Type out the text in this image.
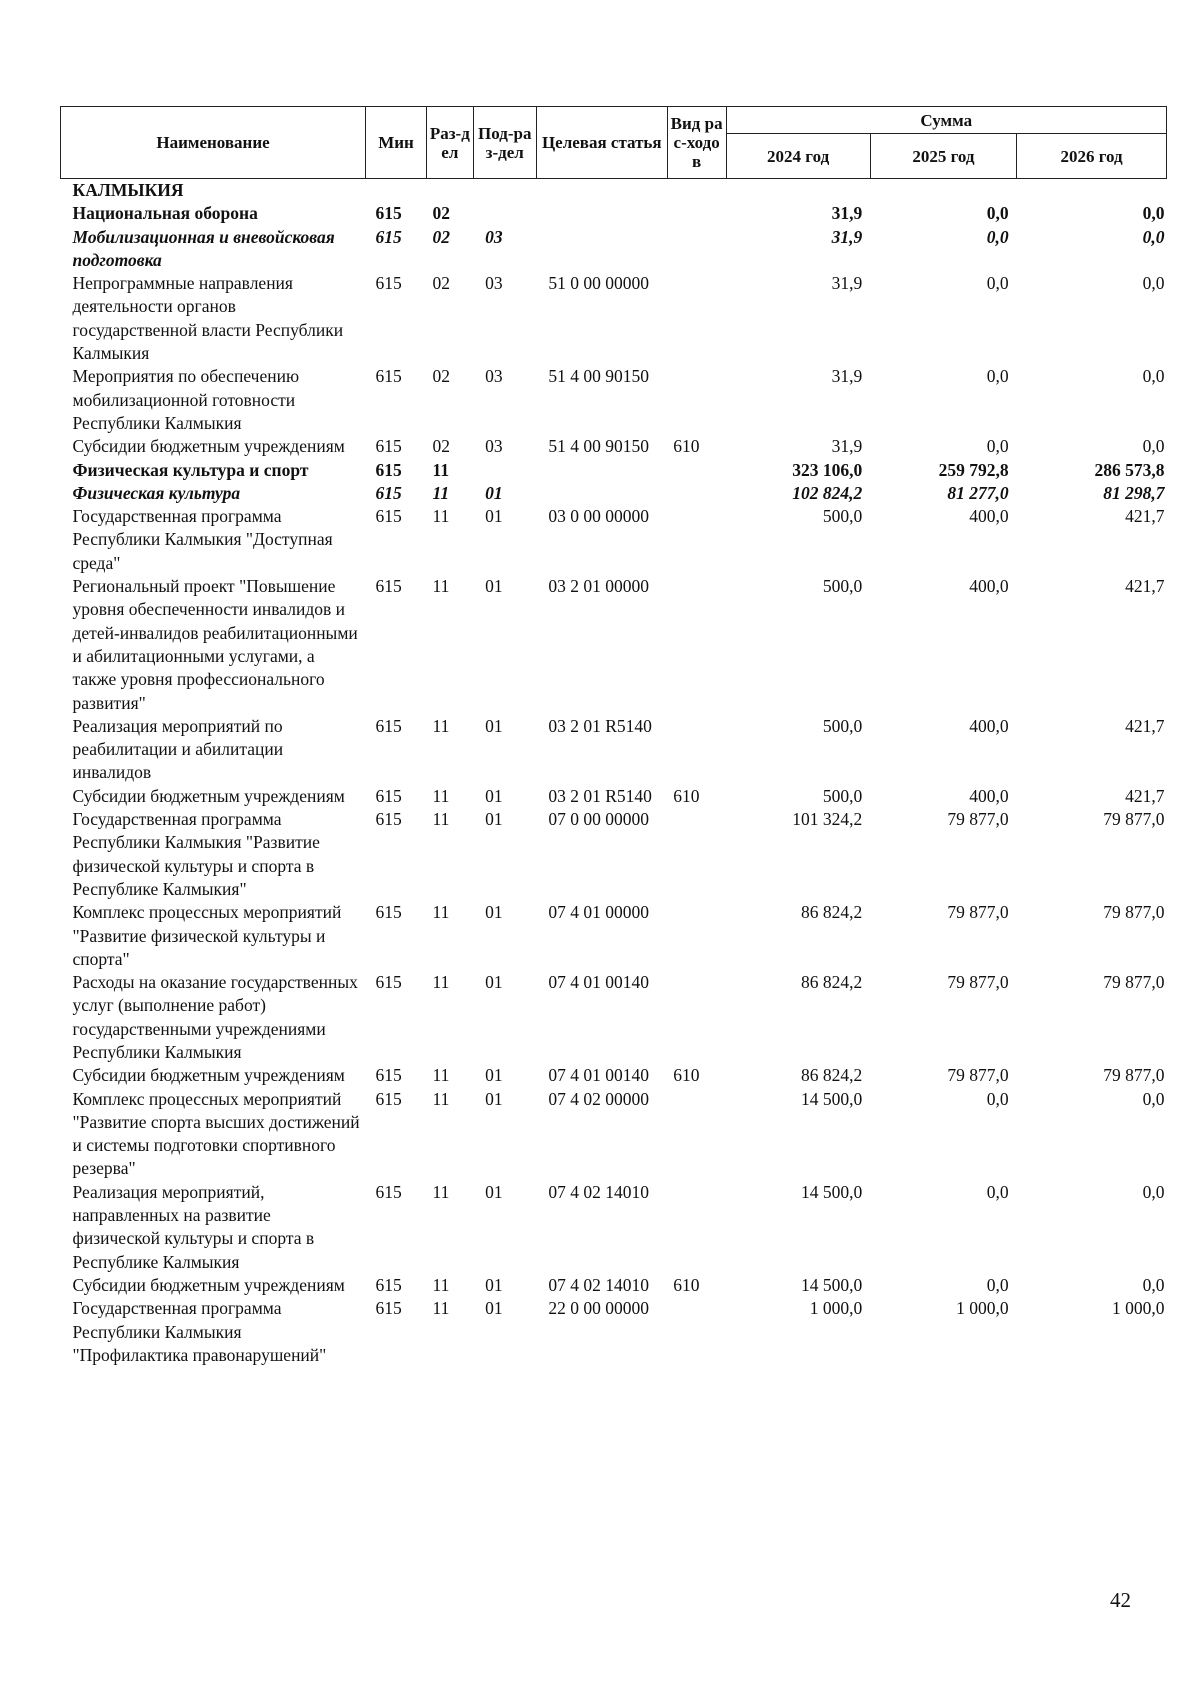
Наименование	Мин	Раз-дел	Под-раз-дел	Целевая статья	Вид рас-ходов	Сумма		
						2024 год	2025 год	2026 год
КАЛМЫКИЯ								
Национальная оборона	615	02				31,9	0,0	0,0
Мобилизационная и вневойсковая подготовка	615	02	03			31,9	0,0	0,0
Непрограммные направления деятельности органов государственной власти Республики Калмыкия	615	02	03	51 0 00 00000		31,9	0,0	0,0
Мероприятия по обеспечению мобилизационной готовности Республики Калмыкия	615	02	03	51 4 00 90150		31,9	0,0	0,0
Субсидии бюджетным учреждениям	615	02	03	51 4 00 90150	610	31,9	0,0	0,0
Физическая культура и спорт	615	11				323 106,0	259 792,8	286 573,8
Физическая культура	615	11	01			102 824,2	81 277,0	81 298,7
Государственная программа Республики Калмыкия "Доступная среда"	615	11	01	03 0 00 00000		500,0	400,0	421,7
Региональный проект "Повышение уровня обеспеченности инвалидов и детей-инвалидов реабилитационными и абилитационными услугами, а также уровня профессионального развития"	615	11	01	03 2 01 00000		500,0	400,0	421,7
Реализация мероприятий по реабилитации и абилитации инвалидов	615	11	01	03 2 01 R5140		500,0	400,0	421,7
Субсидии бюджетным учреждениям	615	11	01	03 2 01 R5140	610	500,0	400,0	421,7
Государственная программа Республики Калмыкия "Развитие физической культуры и спорта в Республике Калмыкия"	615	11	01	07 0 00 00000		101 324,2	79 877,0	79 877,0
Комплекс процессных мероприятий "Развитие физической культуры и спорта"	615	11	01	07 4 01 00000		86 824,2	79 877,0	79 877,0
Расходы на оказание государственных услуг (выполнение работ) государственными учреждениями Республики Калмыкия	615	11	01	07 4 01 00140		86 824,2	79 877,0	79 877,0
Субсидии бюджетным учреждениям	615	11	01	07 4 01 00140	610	86 824,2	79 877,0	79 877,0
Комплекс процессных мероприятий "Развитие спорта высших достижений и системы подготовки спортивного резерва"	615	11	01	07 4 02 00000		14 500,0	0,0	0,0
Реализация мероприятий, направленных на развитие физической культуры и спорта в Республике Калмыкия	615	11	01	07 4 02 14010		14 500,0	0,0	0,0
Субсидии бюджетным учреждениям	615	11	01	07 4 02 14010	610	14 500,0	0,0	0,0
Государственная программа Республики Калмыкия "Профилактика правонарушений"	615	11	01	22 0 00 00000		1 000,0	1 000,0	1 000,0
42
